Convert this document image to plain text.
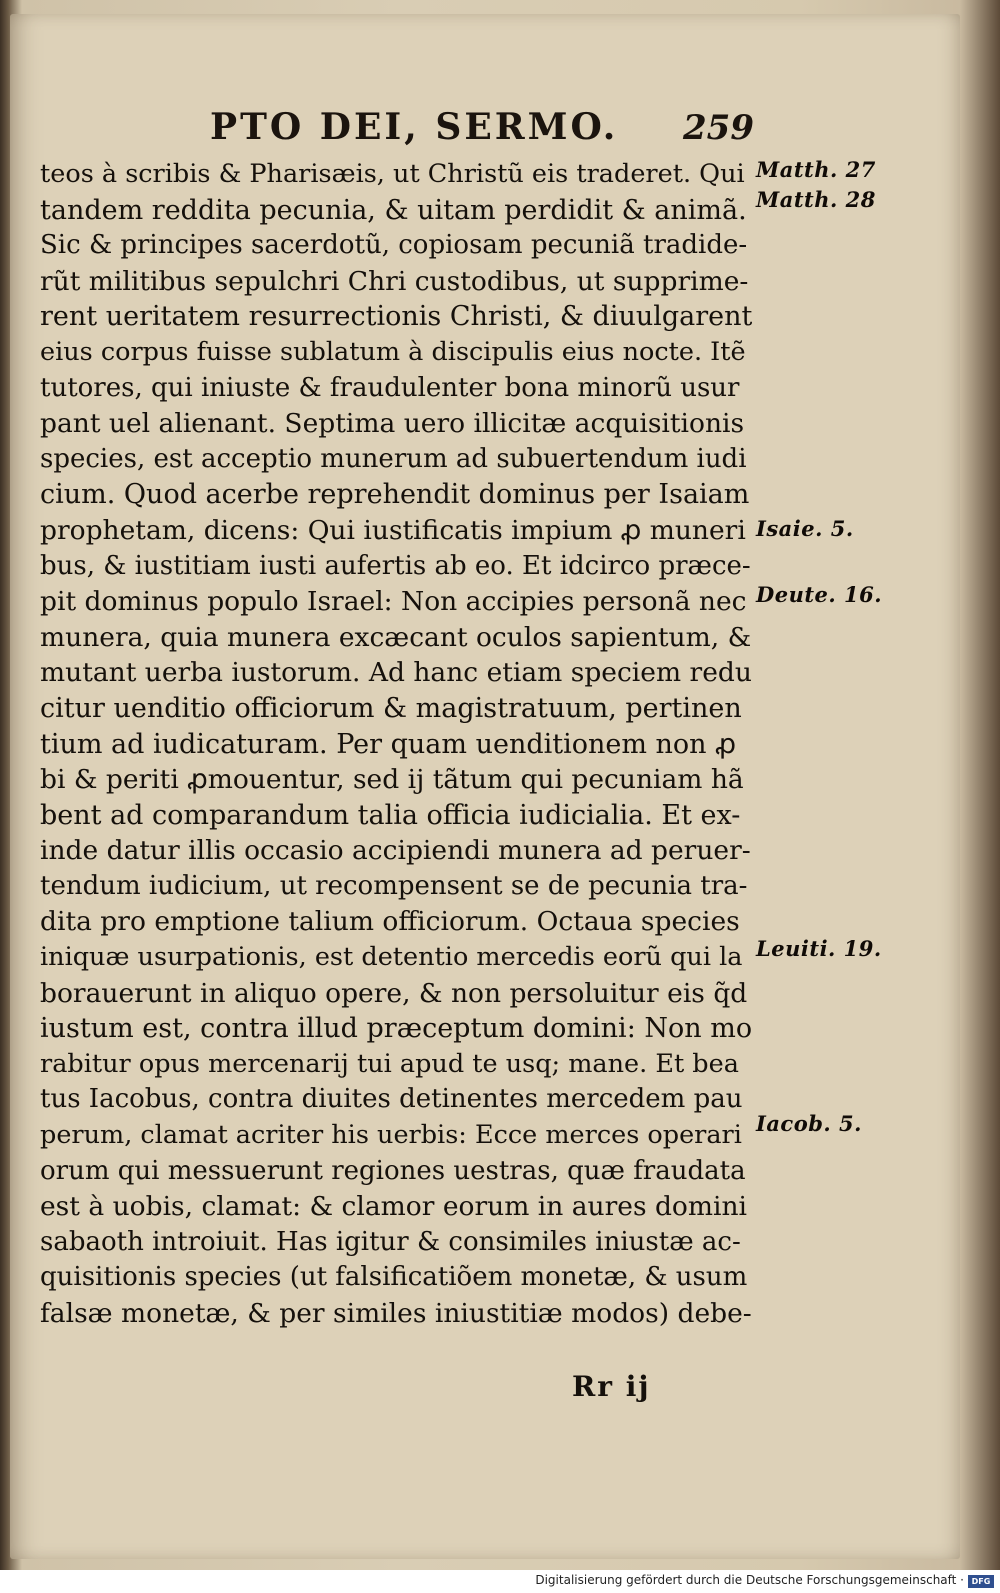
PTO DEI, SERMO. 259
teos à scribis & Pharisæis, ut Christũ eis traderet. Qui
tandem reddita pecunia, & uitam perdidit & animã.
Sic & principes sacerdotũ, copiosam pecuniã tradide-
rũt militibus sepulchri Chri custodibus, ut supprime-
rent ueritatem resurrectionis Christi, & diuulgarent
eius corpus fuisse sublatum à discipulis eius nocte. Itẽ
tutores, qui iniuste & fraudulenter bona minorũ usur
pant uel alienant. Septima uero illicitæ acquisitionis
species, est acceptio munerum ad subuertendum iudi
cium. Quod acerbe reprehendit dominus per Isaiam
prophetam, dicens: Qui iustificatis impium ꝓ muneri
bus, & iustitiam iusti aufertis ab eo. Et idcirco præce-
pit dominus populo Israel: Non accipies personã nec
munera, quia munera excæcant oculos sapientum, &
mutant uerba iustorum. Ad hanc etiam speciem redu
citur uenditio officiorum & magistratuum, pertinen
tium ad iudicaturam. Per quam uenditionem non ꝓ
bi & periti ꝓmouentur, sed ij tãtum qui pecuniam hã
bent ad comparandum talia officia iudicialia. Et ex-
inde datur illis occasio accipiendi munera ad peruer-
tendum iudicium, ut recompensent se de pecunia tra-
dita pro emptione talium officiorum. Octaua species
iniquæ usurpationis, est detentio mercedis eorũ qui la
borauerunt in aliquo opere, & non persoluitur eis q̃d
iustum est, contra illud præceptum domini: Non mo
rabitur opus mercenarij tui apud te usq; mane. Et bea
tus Iacobus, contra diuites detinentes mercedem pau
perum, clamat acriter his uerbis: Ecce merces operari
orum qui messuerunt regiones uestras, quæ fraudata
est à uobis, clamat: & clamor eorum in aures domini
sabaoth introiuit. Has igitur & consimiles iniustæ ac-
quisitionis species (ut falsificatiõem monetæ, & usum
falsæ monetæ, & per similes iniustitiæ modos) debe-
Matth. 27
Matth. 28
Isaie. 5.
Deute. 16.
Leuiti. 19.
Iacob. 5.
Rr ij
Digitalisierung gefördert durch die Deutsche Forschungsgemeinschaft · DFG
